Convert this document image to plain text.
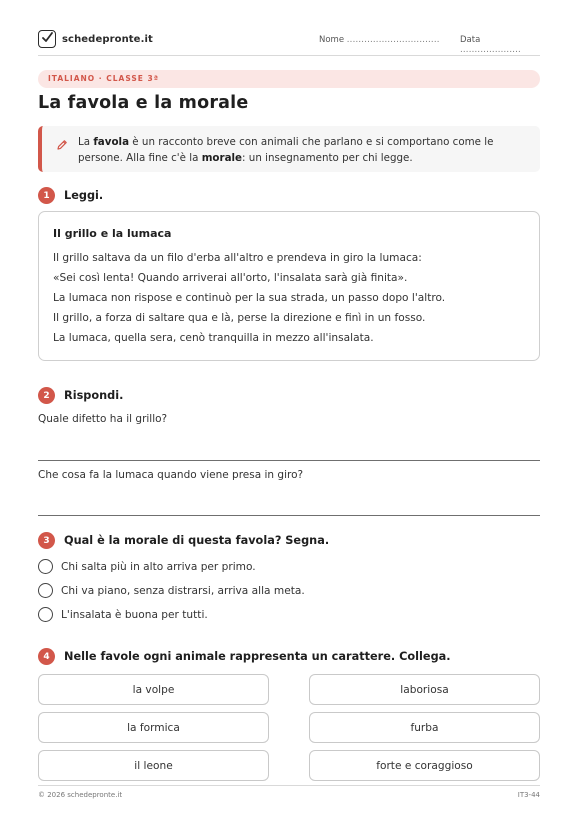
schedepronte.it	Nome ................................ Data .....................
ITALIANO · CLASSE 3ª
La favola e la morale

La favola è un racconto breve con animali che parlano e si comportano come le persone. Alla fine c'è la morale: un insegnamento per chi legge.

1	Leggi.
Il grillo e la lumaca
Il grillo saltava da un filo d'erba all'altro e prendeva in giro la lumaca:
«Sei così lenta! Quando arriverai all'orto, l'insalata sarà già finita».
La lumaca non rispose e continuò per la sua strada, un passo dopo l'altro.
Il grillo, a forza di saltare qua e là, perse la direzione e finì in un fosso.
La lumaca, quella sera, cenò tranquilla in mezzo all'insalata.
2	Rispondi.
Quale difetto ha il grillo?
Che cosa fa la lumaca quando viene presa in giro?
3	Qual è la morale di questa favola? Segna.
Chi salta più in alto arriva per primo.
Chi va piano, senza distrarsi, arriva alla meta.
L'insalata è buona per tutti.
4	Nelle favole ogni animale rappresenta un carattere. Collega.
la volpe	laboriosa
la formica	furba
il leone	forte e coraggioso
© 2026 schedepronte.it	IT3-44
